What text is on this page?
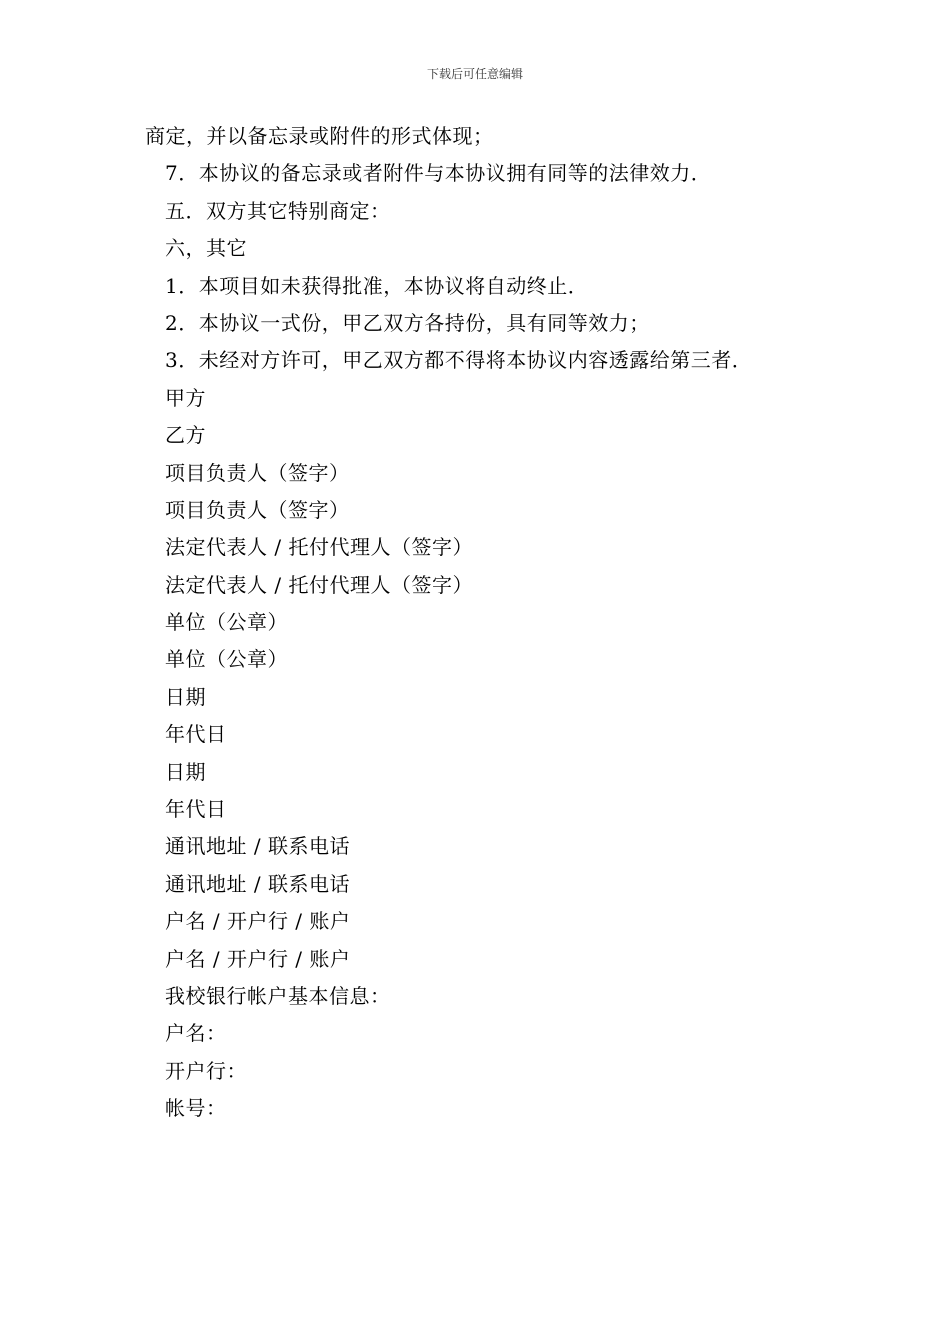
下载后可任意编辑
商定，并以备忘录或附件的形式体现；
7．本协议的备忘录或者附件与本协议拥有同等的法律效力．
五．双方其它特别商定：
六，其它
1．本项目如未获得批准，本协议将自动终止．
2．本协议一式份，甲乙双方各持份，具有同等效力；
3．未经对方许可，甲乙双方都不得将本协议内容透露给第三者．
甲方
乙方
项目负责人（签字）
项目负责人（签字）
法定代表人 / 托付代理人（签字）
法定代表人 / 托付代理人（签字）
单位（公章）
单位（公章）
日期
年代日
日期
年代日
通讯地址 / 联系电话
通讯地址 / 联系电话
户名 / 开户行 / 账户
户名 / 开户行 / 账户
我校银行帐户基本信息：
户名：
开户行：
帐号：
